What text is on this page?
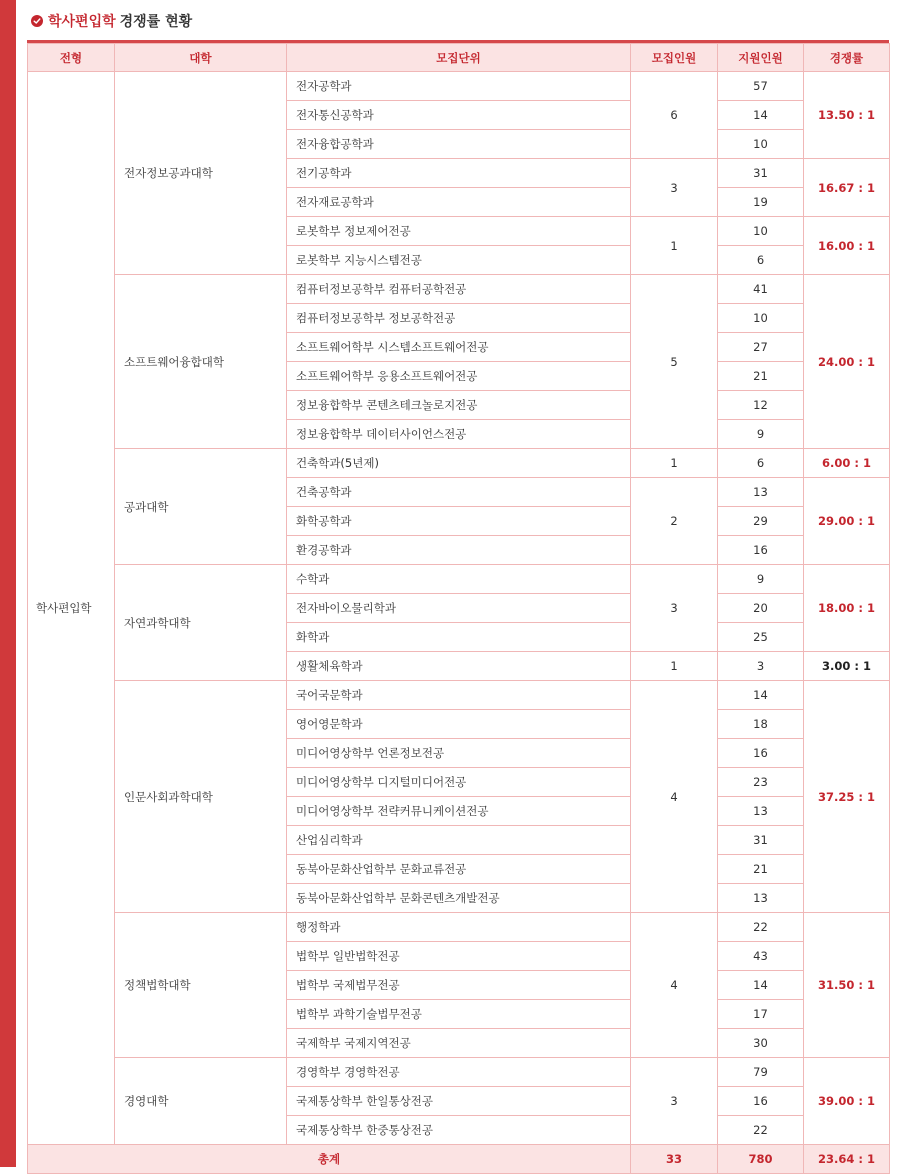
학사편입학 경쟁률 현황
전형	대학	모집단위	모집인원	지원인원	경쟁률
학사편입학	전자정보공과대학	전자공학과	6	57	13.50 : 1
		전자통신공학과		14	
		전자융합공학과		10	
		전기공학과	3	31	16.67 : 1
		전자재료공학과		19	
		로봇학부 정보제어전공	1	10	16.00 : 1
		로봇학부 지능시스템전공		6	
	소프트웨어융합대학	컴퓨터정보공학부 컴퓨터공학전공	5	41	24.00 : 1
		컴퓨터정보공학부 정보공학전공		10	
		소프트웨어학부 시스템소프트웨어전공		27	
		소프트웨어학부 응용소프트웨어전공		21	
		정보융합학부 콘텐츠테크놀로지전공		12	
		정보융합학부 데이터사이언스전공		9	
	공과대학	건축학과(5년제)	1	6	6.00 : 1
		건축공학과	2	13	29.00 : 1
		화학공학과		29	
		환경공학과		16	
	자연과학대학	수학과	3	9	18.00 : 1
		전자바이오물리학과		20	
		화학과		25	
		생활체육학과	1	3	3.00 : 1
	인문사회과학대학	국어국문학과	4	14	37.25 : 1
		영어영문학과		18	
		미디어영상학부 언론정보전공		16	
		미디어영상학부 디지털미디어전공		23	
		미디어영상학부 전략커뮤니케이션전공		13	
		산업심리학과		31	
		동북아문화산업학부 문화교류전공		21	
		동북아문화산업학부 문화콘텐츠개발전공		13	
	정책법학대학	행정학과	4	22	31.50 : 1
		법학부 일반법학전공		43	
		법학부 국제법무전공		14	
		법학부 과학기술법무전공		17	
		국제학부 국제지역전공		30	
	경영대학	경영학부 경영학전공	3	79	39.00 : 1
		국제통상학부 한일통상전공		16	
		국제통상학부 한중통상전공		22	
총계			33	780	23.64 : 1
